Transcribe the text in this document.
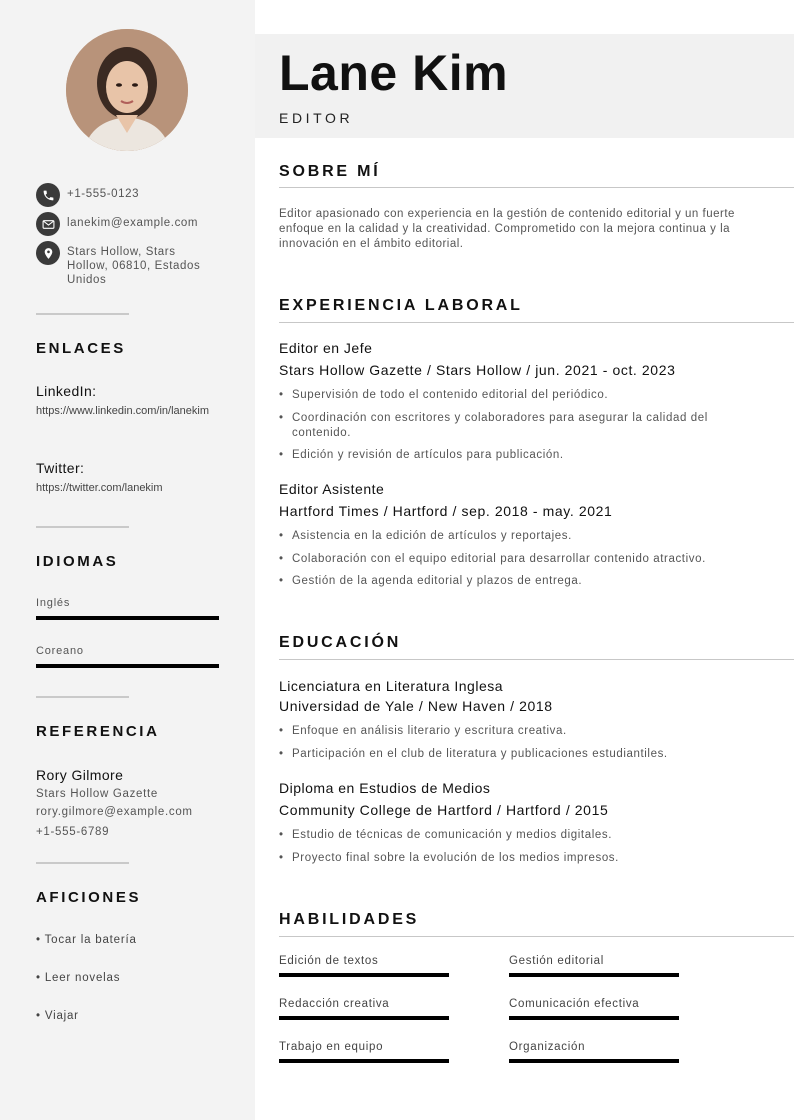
+1-555-0123
lanekim@example.com
Stars Hollow, Stars Hollow, 06810, Estados Unidos
ENLACES
LinkedIn:
https://www.linkedin.com/in/lanekim
Twitter:
https://twitter.com/lanekim
IDIOMAS
Inglés
Coreano
REFERENCIA
Rory Gilmore
Stars Hollow Gazette
rory.gilmore@example.com
+1-555-6789
AFICIONES
• Tocar la batería
• Leer novelas
• Viajar
Lane Kim
EDITOR
SOBRE MÍ
Editor apasionado con experiencia en la gestión de contenido editorial y un fuerte enfoque en la calidad y la creatividad. Comprometido con la mejora continua y la innovación en el ámbito editorial.
EXPERIENCIA LABORAL
Editor en Jefe
Stars Hollow Gazette / Stars Hollow / jun. 2021 - oct. 2023
• Supervisión de todo el contenido editorial del periódico.
• Coordinación con escritores y colaboradores para asegurar la calidad del contenido.
• Edición y revisión de artículos para publicación.
Editor Asistente
Hartford Times / Hartford / sep. 2018 - may. 2021
• Asistencia en la edición de artículos y reportajes.
• Colaboración con el equipo editorial para desarrollar contenido atractivo.
• Gestión de la agenda editorial y plazos de entrega.
EDUCACIÓN
Licenciatura en Literatura Inglesa
Universidad de Yale / New Haven / 2018
• Enfoque en análisis literario y escritura creativa.
• Participación en el club de literatura y publicaciones estudiantiles.
Diploma en Estudios de Medios
Community College de Hartford / Hartford / 2015
• Estudio de técnicas de comunicación y medios digitales.
• Proyecto final sobre la evolución de los medios impresos.
HABILIDADES
Edición de textos	Gestión editorial
Redacción creativa	Comunicación efectiva
Trabajo en equipo	Organización
